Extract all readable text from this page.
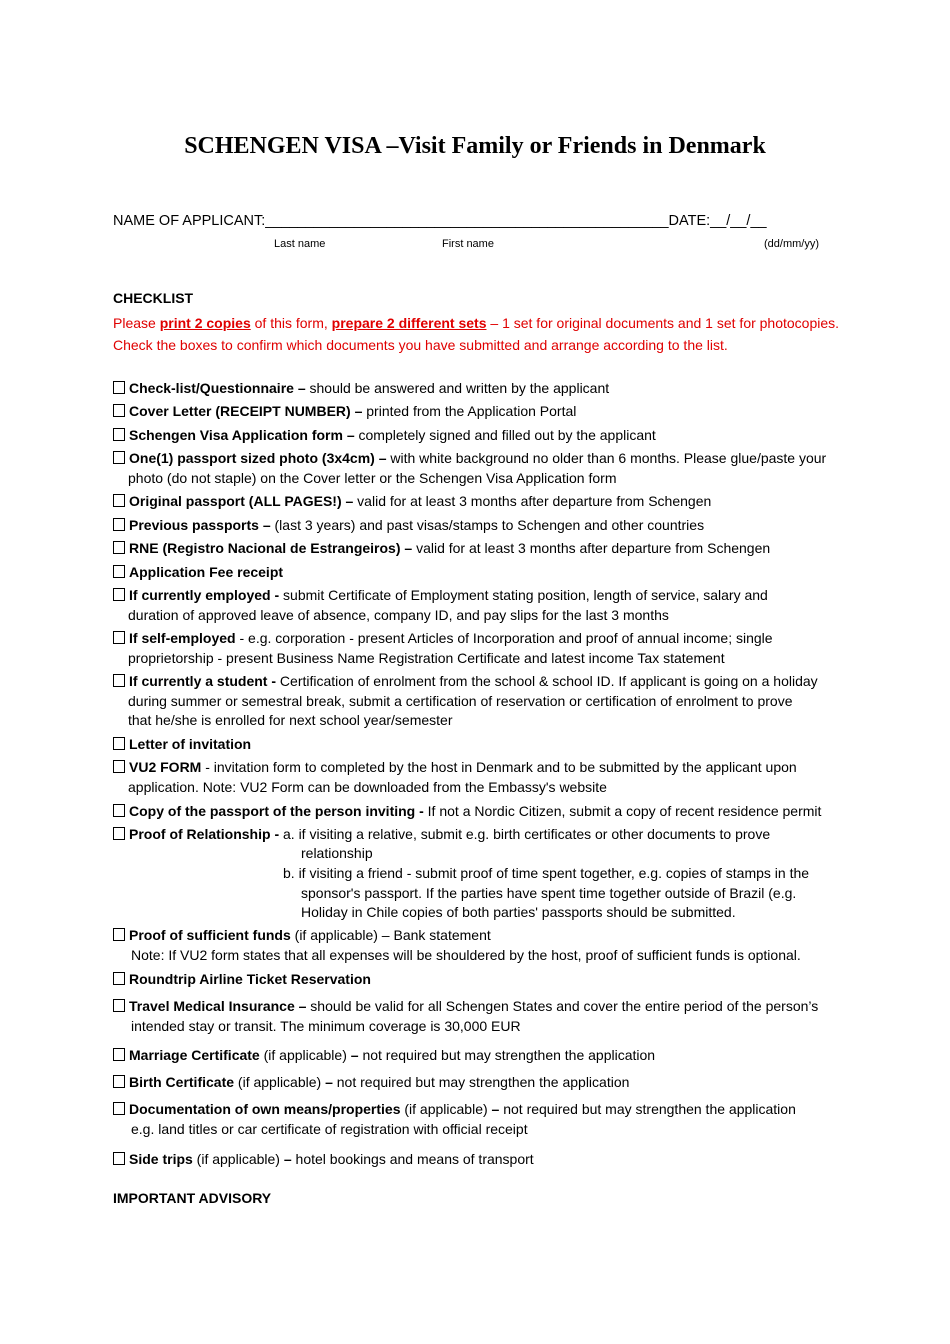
SCHENGEN VISA –Visit Family or Friends in Denmark
NAME OF APPLICANT:__________________________________________________DATE:__/__/__
Last name	First name	(dd/mm/yy)
CHECKLIST
Please print 2 copies of this form, prepare 2 different sets – 1 set for original documents and 1 set for photocopies.
Check the boxes to confirm which documents you have submitted and arrange according to the list.
Check-list/Questionnaire – should be answered and written by the applicant
Cover Letter (RECEIPT NUMBER) – printed from the Application Portal
Schengen Visa Application form – completely signed and filled out by the applicant
One(1) passport sized photo (3x4cm) – with white background no older than 6 months. Please glue/paste your
photo (do not staple) on the Cover letter or the Schengen Visa Application form
Original passport (ALL PAGES!) – valid for at least 3 months after departure from Schengen
Previous passports – (last 3 years) and past visas/stamps to Schengen and other countries
RNE (Registro Nacional de Estrangeiros) – valid for at least 3 months after departure from Schengen
Application Fee receipt
If currently employed - submit Certificate of Employment stating position, length of service, salary and
duration of approved leave of absence, company ID, and pay slips for the last 3 months
If self-employed - e.g. corporation - present Articles of Incorporation and proof of annual income; single
proprietorship - present Business Name Registration Certificate and latest income Tax statement
If currently a student - Certification of enrolment from the school & school ID. If applicant is going on a holiday
during summer or semestral break, submit a certification of reservation or certification of enrolment to prove
that he/she is enrolled for next school year/semester
Letter of invitation
VU2 FORM - invitation form to completed by the host in Denmark and to be submitted by the applicant upon
application. Note: VU2 Form can be downloaded from the Embassy's website
Copy of the passport of the person inviting - If not a Nordic Citizen, submit a copy of recent residence permit
Proof of Relationship -
Proof of sufficient funds (if applicable) – Bank statement
Note: If VU2 form states that all expenses will be shouldered by the host, proof of sufficient funds is optional.
Roundtrip Airline Ticket Reservation
Travel Medical Insurance – should be valid for all Schengen States and cover the entire period of the person’s
intended stay or transit. The minimum coverage is 30,000 EUR
Marriage Certificate (if applicable) – not required but may strengthen the application
Birth Certificate (if applicable) – not required but may strengthen the application
Documentation of own means/properties (if applicable) – not required but may strengthen the application
e.g. land titles or car certificate of registration with official receipt
Side trips (if applicable) – hotel bookings and means of transport
a. if visiting a relative, submit e.g. birth certificates or other documents to prove
relationship
b. if visiting a friend - submit proof of time spent together, e.g. copies of stamps in the
sponsor's passport. If the parties have spent time together outside of Brazil (e.g.
Holiday in Chile copies of both parties' passports should be submitted.
IMPORTANT ADVISORY
